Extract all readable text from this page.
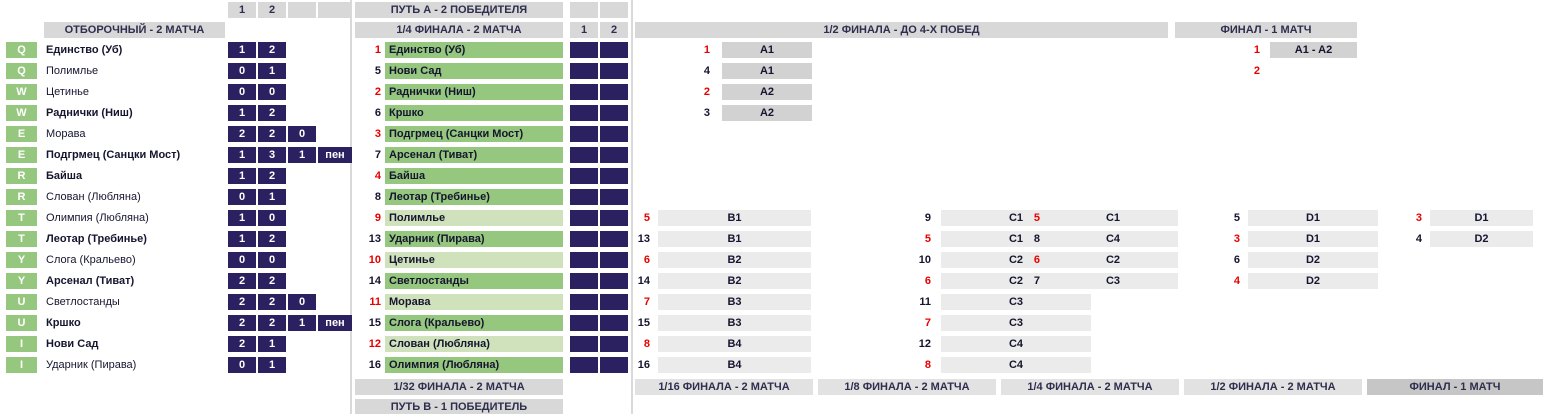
1	2	ПУТЬ А - 2 ПОБЕДИТЕЛЯ
ОТБОРОЧНЫЙ - 2 МАТЧА	1/4 ФИНАЛА - 2 МАТЧА	1	2	1/2 ФИНАЛА - ДО 4-Х ПОБЕД	ФИНАЛ - 1 МАТЧ
Q	Единство (Уб)	1	2
Q	Полимлье	0	1
W	Цетинье	0	0
W	Раднички (Ниш)	1	2
E	Морава	2	2	0
E	Подгрмец (Санцки Мост)	1	3	1	пен
R	Байша	1	2
R	Слован (Любляна)	0	1
T	Олимпия (Любляна)	1	0
T	Леотар (Требинье)	1	2
Y	Слога (Кральево)	0	0
Y	Арсенал (Тиват)	2	2
U	Светлостанды	2	2	0
U	Кршко	2	2	1	пен
I	Нови Сад	2	1
I	Ударник (Пирава)	0	1
1 Единство (Уб)
5 Нови Сад
2 Раднички (Ниш)
6 Кршко
3 Подгрмец (Санцки Мост)
7 Арсенал (Тиват)
4 Байша
8 Леотар (Требинье)
9 Полимлье
13 Ударник (Пирава)
10 Цетинье
14 Светлостанды
11 Морава
15 Слога (Кральево)
12 Слован (Любляна)
16 Олимпия (Любляна)
1	A1
4	A1
2	A2
3	A2
1	A1 - A2
2
5	B1
13	B1
6	B2
14	B2
7	B3
15	B3
8	B4
16	B4
9	C1
5	C1
10	C2
6	C2
11	C3
7	C3
12	C4
8	C4
5	C1
8	C4
6	C2
7	C3
5	D1
3	D1
6	D2
4	D2
3	D1
4	D2
1/32 ФИНАЛА - 2 МАТЧА
ПУТЬ В - 1 ПОБЕДИТЕЛЬ
1/16 ФИНАЛА - 2 МАТЧА	1/8 ФИНАЛА - 2 МАТЧА	1/4 ФИНАЛА - 2 МАТЧА	1/2 ФИНАЛА - 2 МАТЧА	ФИНАЛ - 1 МАТЧ
